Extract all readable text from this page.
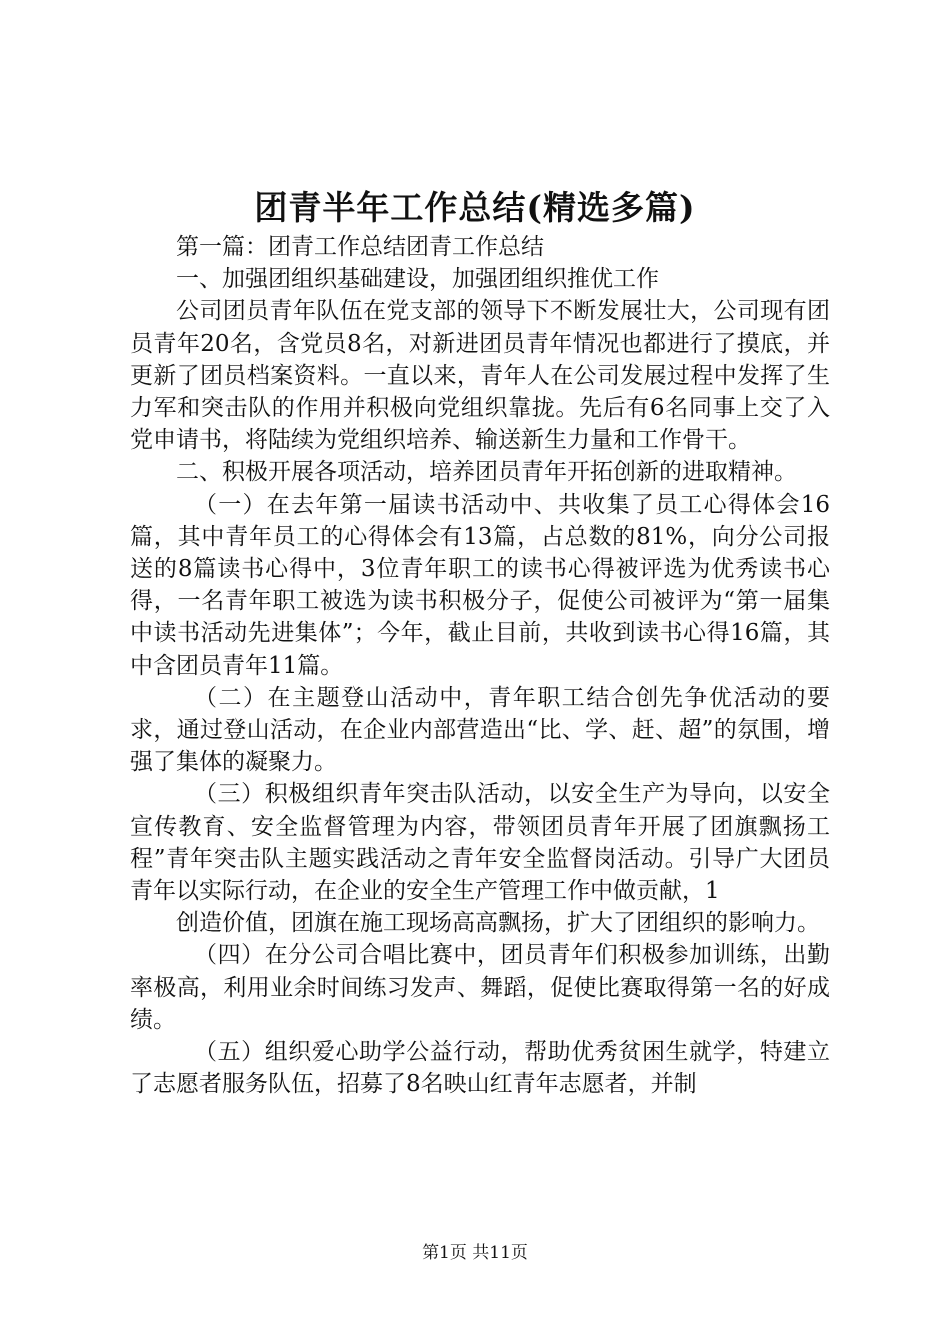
团青半年工作总结(精选多篇)

第一篇：团青工作总结团青工作总结

一、加强团组织基础建设，加强团组织推优工作

公司团员青年队伍在党支部的领导下不断发展壮大，公司现有团员青年20名，含党员8名，对新进团员青年情况也都进行了摸底，并更新了团员档案资料。一直以来，青年人在公司发展过程中发挥了生力军和突击队的作用并积极向党组织靠拢。先后有6名同事上交了入党申请书，将陆续为党组织培养、输送新生力量和工作骨干。

二、积极开展各项活动，培养团员青年开拓创新的进取精神。

（一）在去年第一届读书活动中、共收集了员工心得体会16篇，其中青年员工的心得体会有13篇，占总数的81%，向分公司报送的8篇读书心得中，3位青年职工的读书心得被评选为优秀读书心得，一名青年职工被选为读书积极分子，促使公司被评为“第一届集中读书活动先进集体”；今年，截止目前，共收到读书心得16篇，其中含团员青年11篇。

（二）在主题登山活动中，青年职工结合创先争优活动的要求，通过登山活动，在企业内部营造出“比、学、赶、超”的氛围，增强了集体的凝聚力。

（三）积极组织青年突击队活动，以安全生产为导向，以安全宣传教育、安全监督管理为内容，带领团员青年开展了团旗飘扬工程”青年突击队主题实践活动之青年安全监督岗活动。引导广大团员青年以实际行动，在企业的安全生产管理工作中做贡献，1

创造价值，团旗在施工现场高高飘扬，扩大了团组织的影响力。

（四）在分公司合唱比赛中，团员青年们积极参加训练，出勤率极高，利用业余时间练习发声、舞蹈，促使比赛取得第一名的好成绩。

（五）组织爱心助学公益行动，帮助优秀贫困生就学，特建立了志愿者服务队伍，招募了8名映山红青年志愿者，并制

第1页 共11页
